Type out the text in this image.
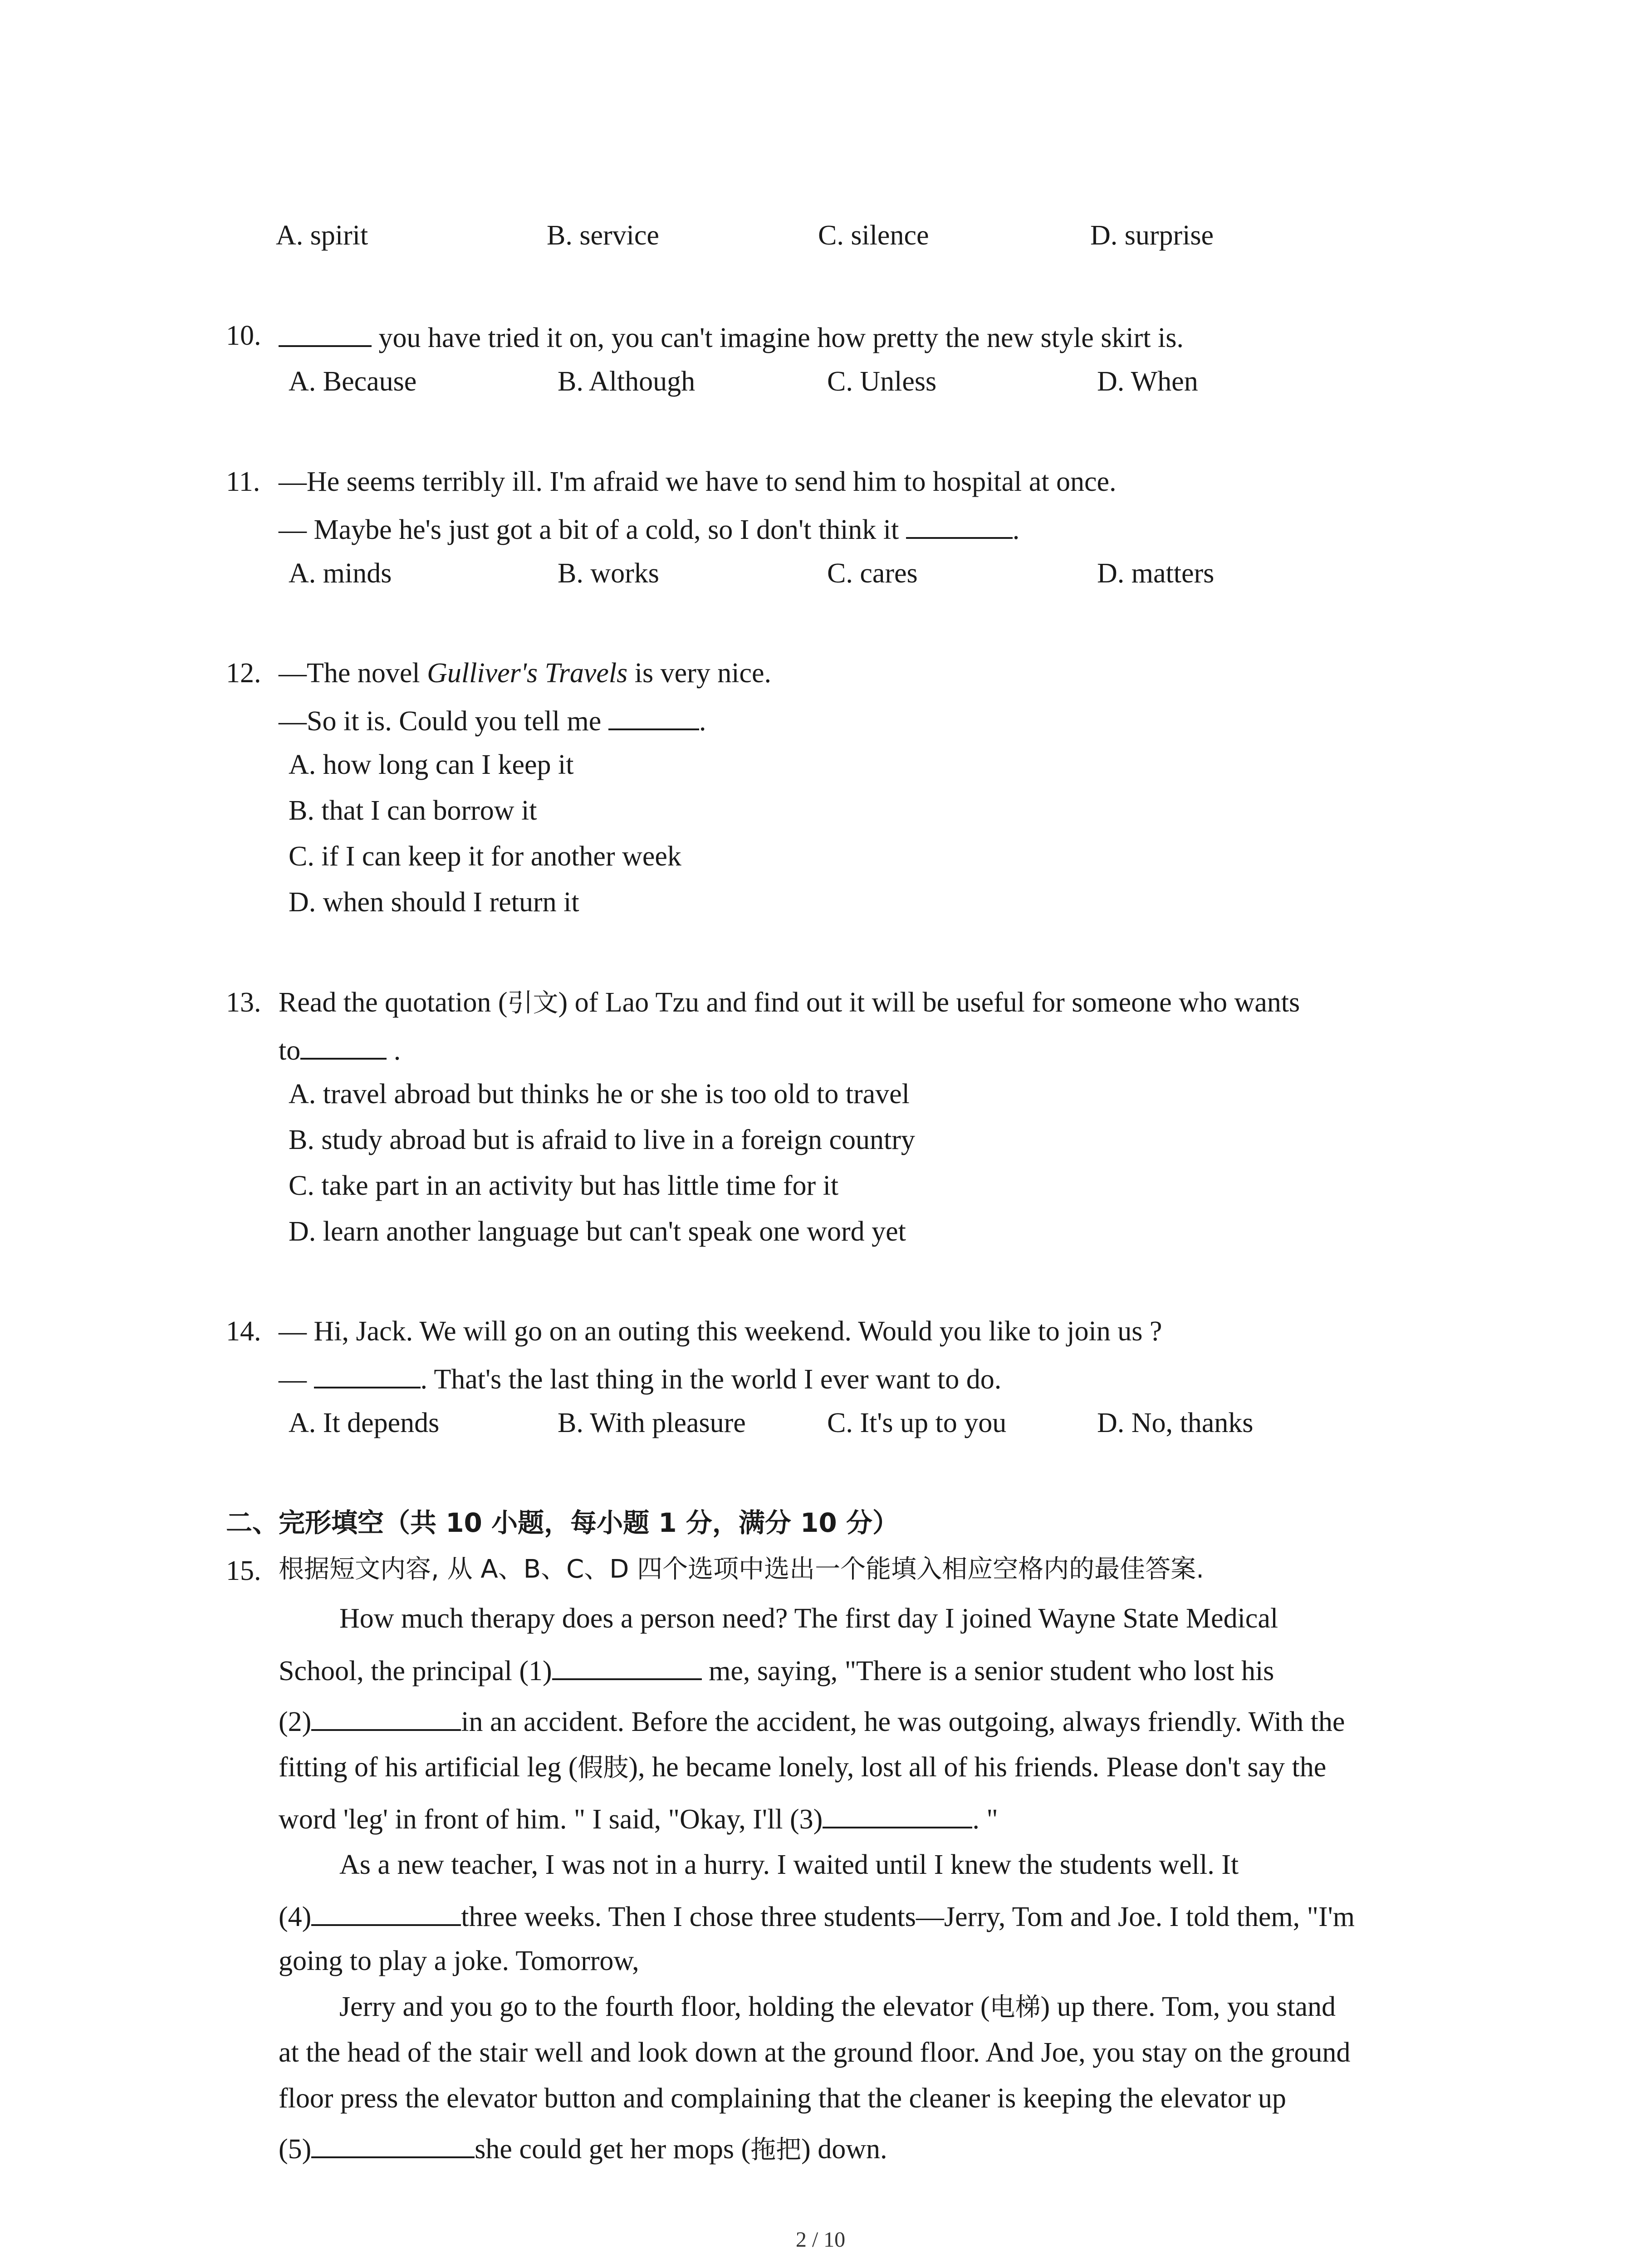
A. spirit	B. service	C. silence	D. surprise
10.	you have tried it on, you can't imagine how pretty the new style skirt is.
A. Because	B. Although	C. Unless	D. When
11. —He seems terribly ill. I'm afraid we have to send him to hospital at once.
— Maybe he's just got a bit of a cold, so I don't think it	.
A. minds	B. works	C. cares	D. matters
12. —The novel Gulliver's Travels is very nice.
—So it is. Could you tell me	.
A. how long can I keep it
B. that I can borrow it
C. if I can keep it for another week
D. when should I return it
13. Read the quotation (引文) of Lao Tzu and find out it will be useful for someone who wants
to	.
A. travel abroad but thinks he or she is too old to travel
B. study abroad but is afraid to live in a foreign country
C. take part in an activity but has little time for it
D. learn another language but can't speak one word yet
14. — Hi, Jack. We will go on an outing this weekend. Would you like to join us ?
—	. That's the last thing in the world I ever want to do.
A. It depends	B. With pleasure	C. It's up to you	D. No, thanks
二、完形填空（共 10 小题，每小题 1 分，满分 10 分）
15. 根据短文内容, 从 A、B、C、D 四个选项中选出一个能填入相应空格内的最佳答案.
How much therapy does a person need? The first day I joined Wayne State Medical
School, the principal (1)	me, saying, "There is a senior student who lost his
(2)	in an accident. Before the accident, he was outgoing, always friendly. With the
fitting of his artificial leg (假肢), he became lonely, lost all of his friends. Please don't say the
word 'leg' in front of him. " I said, "Okay, I'll (3)	. "
As a new teacher, I was not in a hurry. I waited until I knew the students well. It
(4)	three weeks. Then I chose three students—Jerry, Tom and Joe. I told them, "I'm
going to play a joke. Tomorrow,
Jerry and you go to the fourth floor, holding the elevator (电梯) up there. Tom, you stand
at the head of the stair well and look down at the ground floor. And Joe, you stay on the ground
floor press the elevator button and complaining that the cleaner is keeping the elevator up
(5)	she could get her mops (拖把) down.
2 / 10
